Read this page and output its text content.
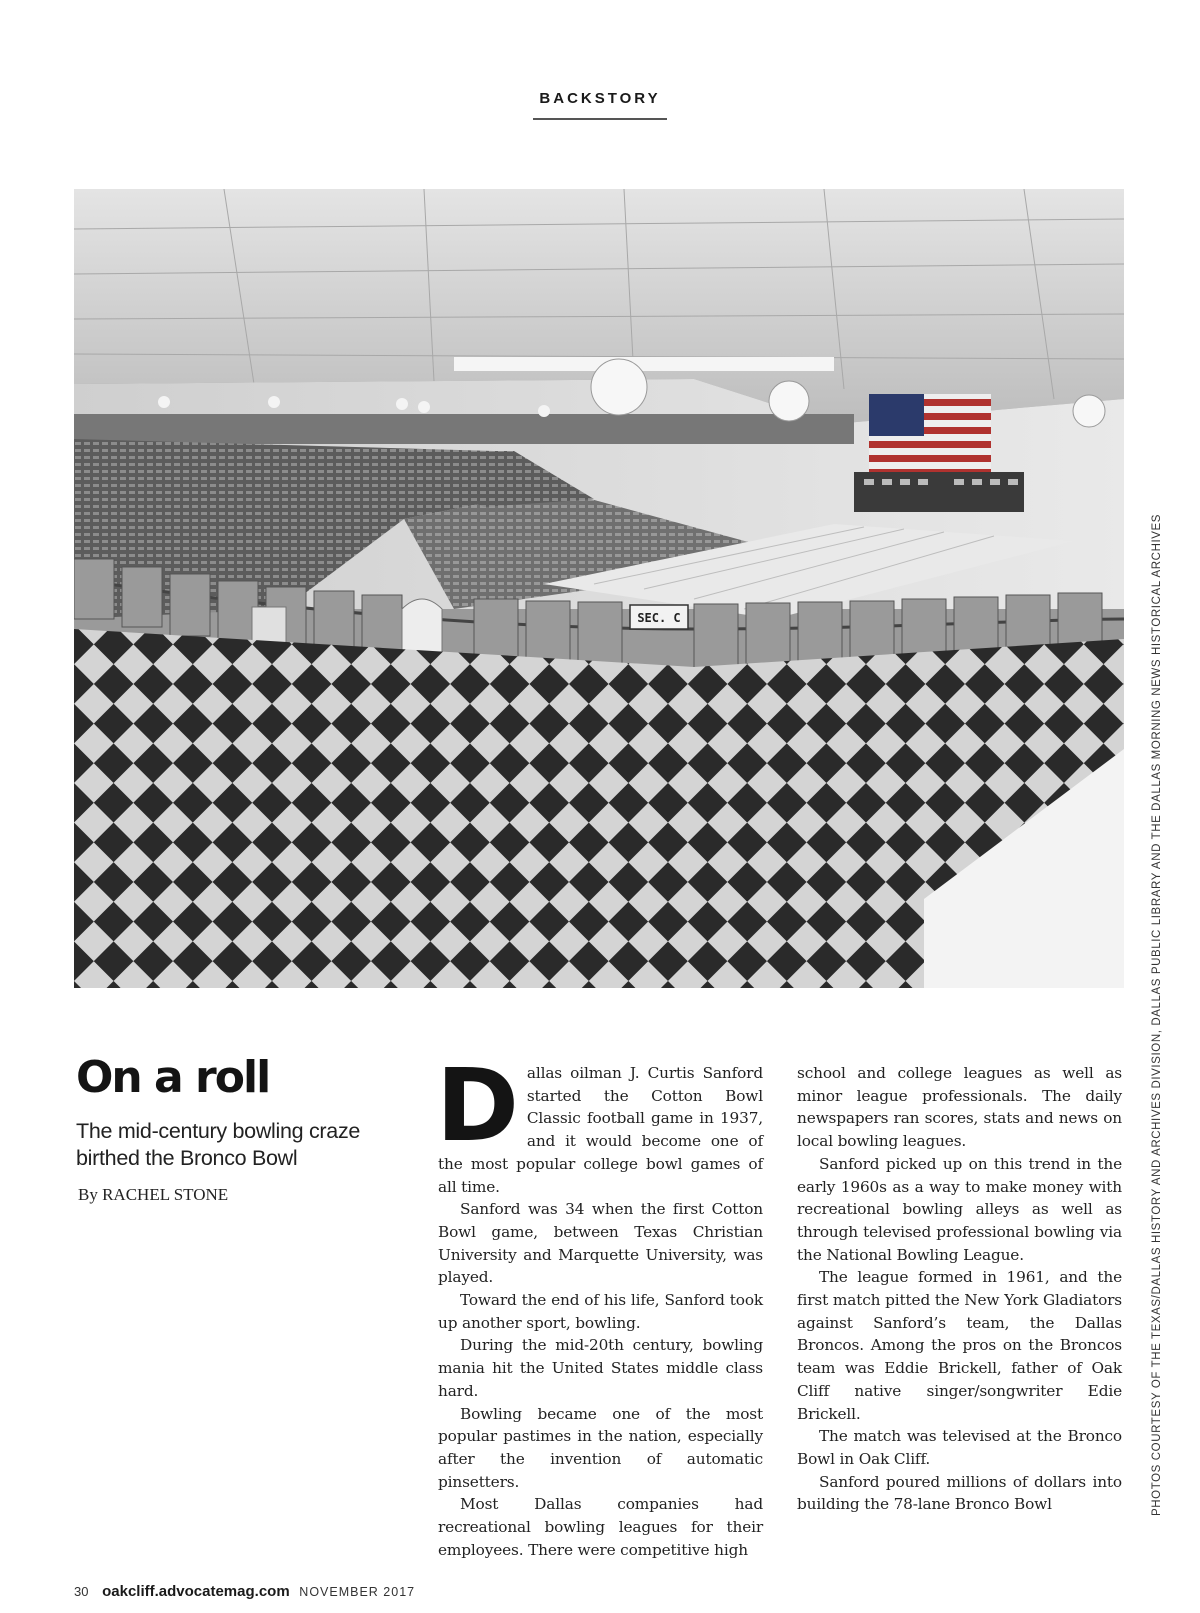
BACKSTORY
SEC. C	PHOTOS COURTESY OF THE TEXAS/DALLAS HISTORY AND ARCHIVES DIVISION, DALLAS PUBLIC LIBRARY AND THE DALLAS MORNING NEWS HISTORICAL ARCHIVES
On a roll
The mid-century bowling craze birthed the Bronco Bowl
By RACHEL STONE

Dallas oilman J. Curtis Sanford started the Cotton Bowl Classic football game in 1937, and it would become one of the most popular college bowl games of all time.

Sanford was 34 when the first Cotton Bowl game, between Texas Christian University and Marquette University, was played.

Toward the end of his life, Sanford took up another sport, bowling.

During the mid-20th century, bowling mania hit the United States middle class hard.

Bowling became one of the most popular pastimes in the nation, especially after the invention of automatic pinsetters.

Most Dallas companies had recreational bowling leagues for their employees. There were competitive high

school and college leagues as well as minor league professionals. The daily newspapers ran scores, stats and news on local bowling leagues.

Sanford picked up on this trend in the early 1960s as a way to make money with recreational bowling alleys as well as through televised professional bowling via the National Bowling League.

The league formed in 1961, and the first match pitted the New York Gladiators against Sanford’s team, the Dallas Broncos. Among the pros on the Broncos team was Eddie Brickell, father of Oak Cliff native singer/songwriter Edie Brickell.

The match was televised at the Bronco Bowl in Oak Cliff.

Sanford poured millions of dollars into building the 78-lane Bronco Bowl

30 oakcliff.advocatemag.com NOVEMBER 2017
